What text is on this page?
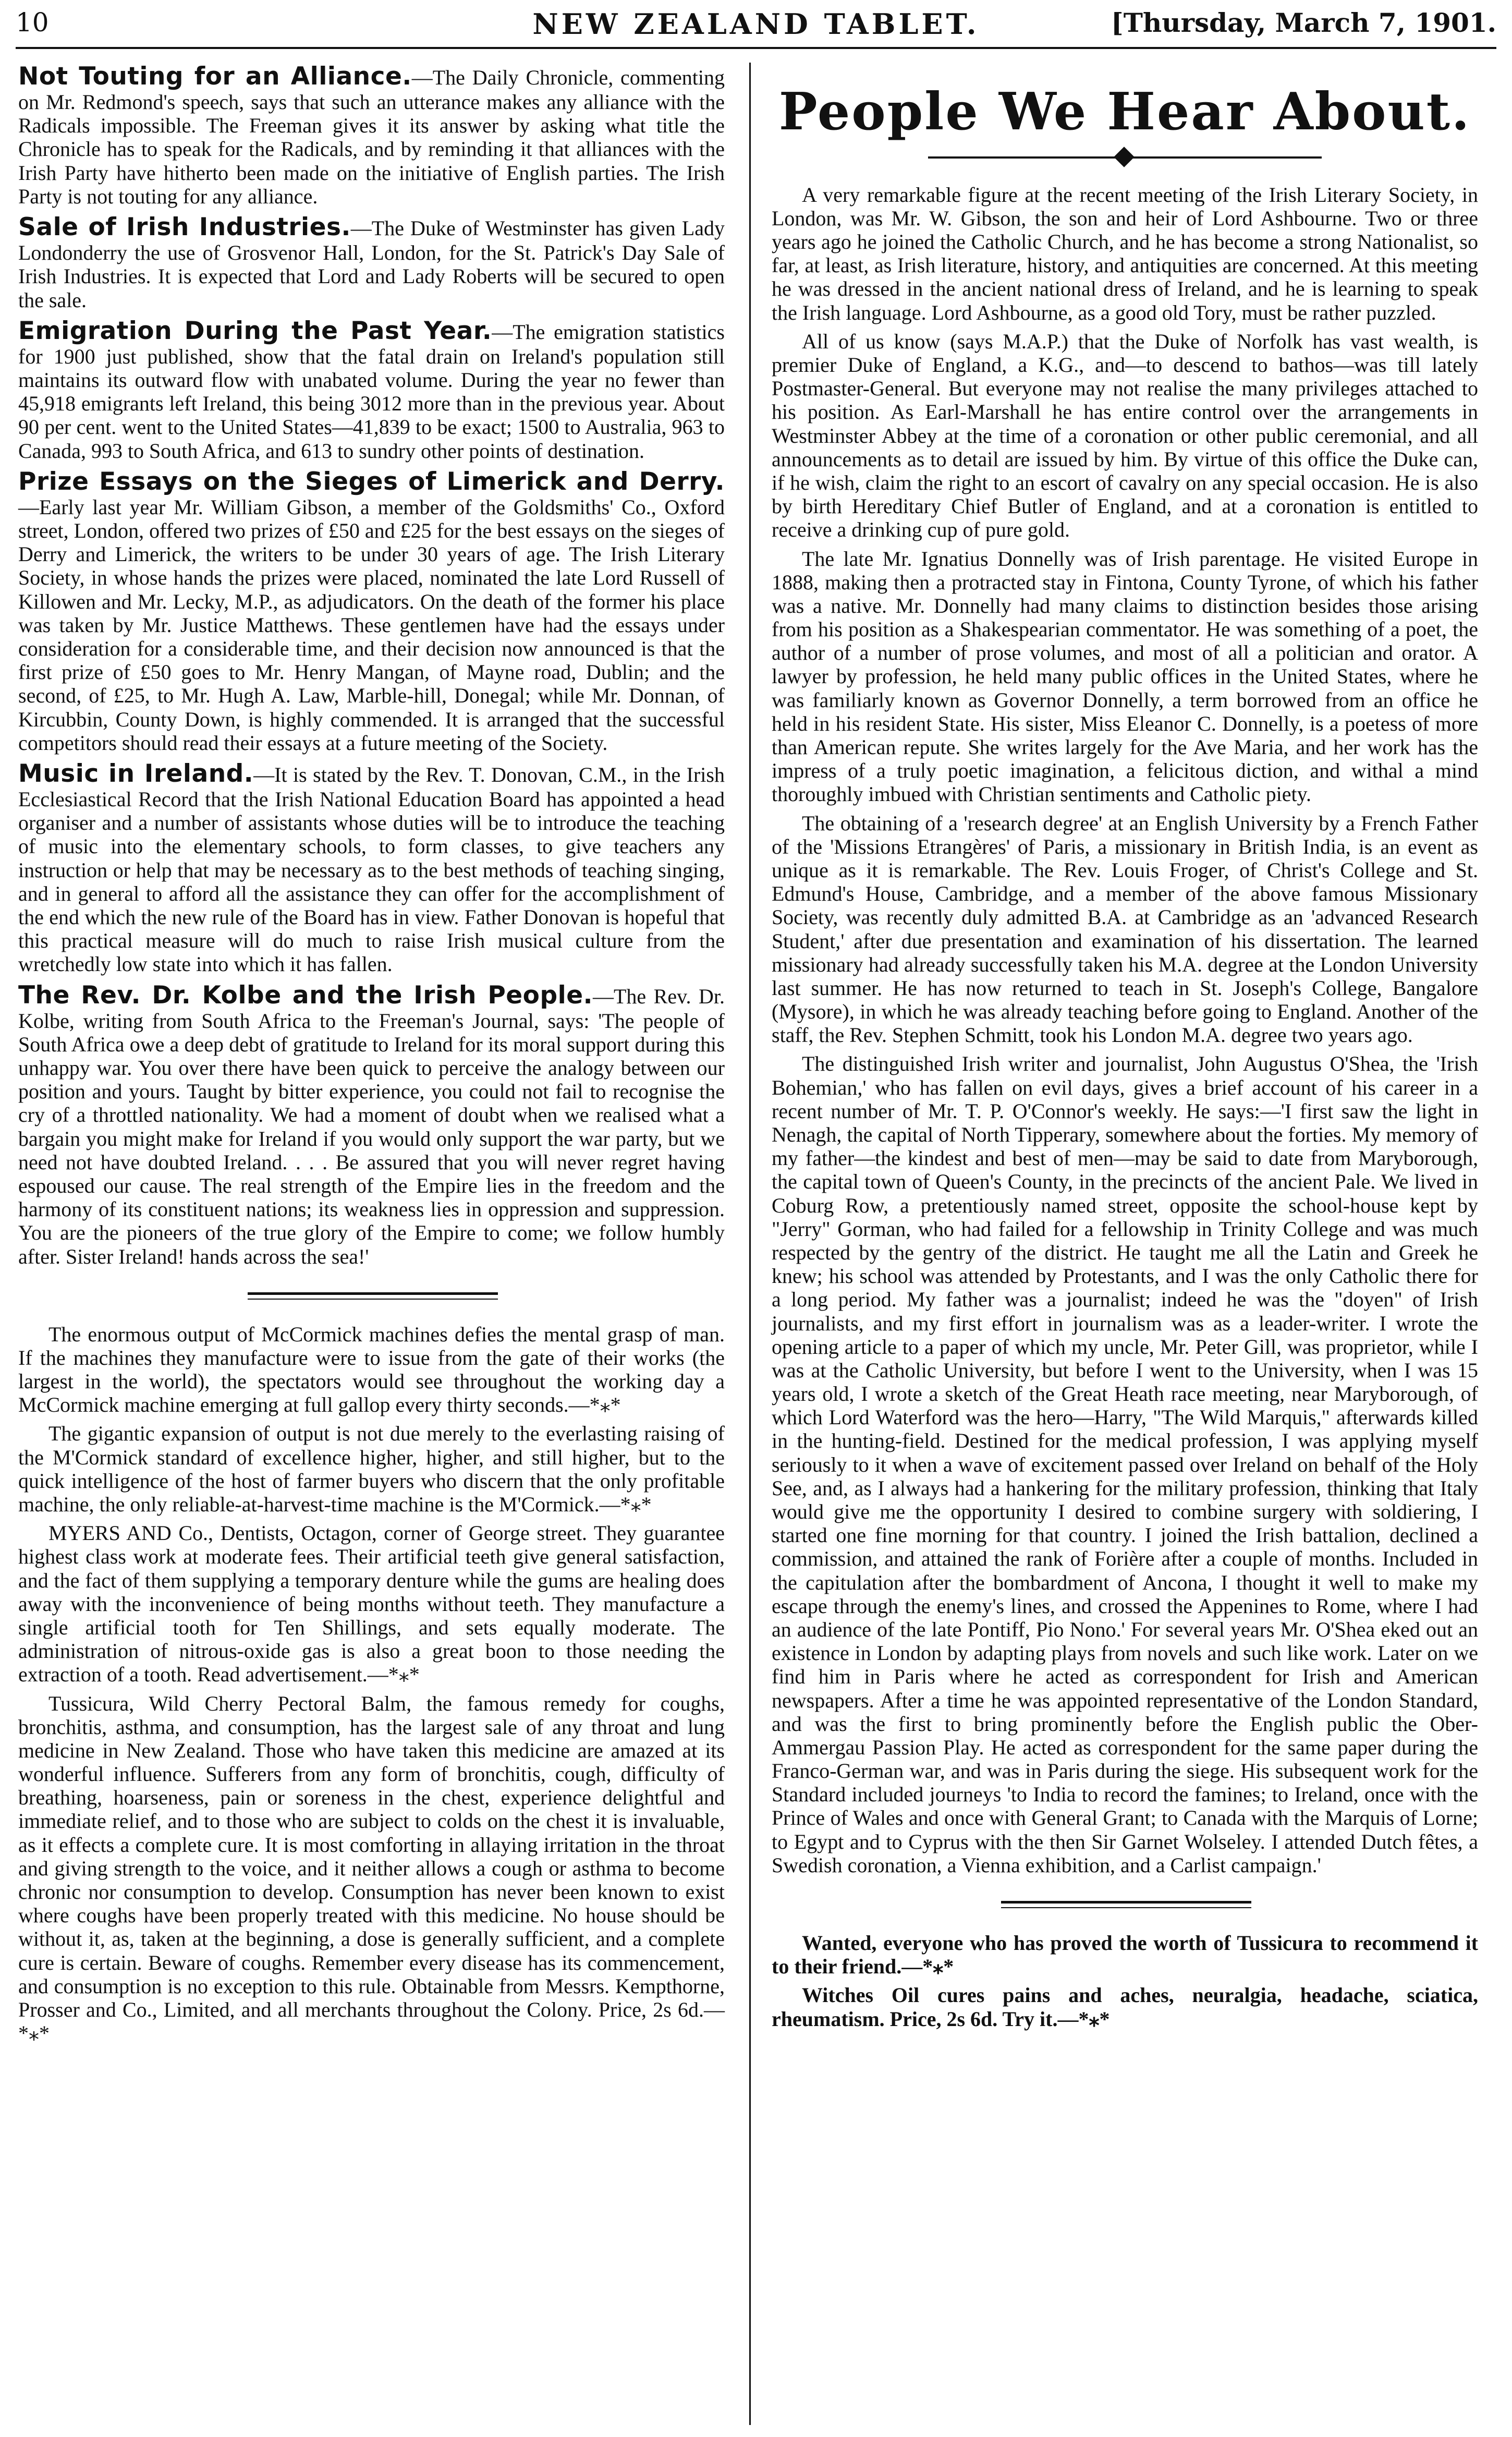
10	NEW ZEALAND TABLET.	[Thursday, March 7, 1901.
Not Touting for an Alliance.—The Daily Chronicle, commenting on Mr. Redmond's speech, says that such an utterance makes any alliance with the Radicals impossible. The Freeman gives it its answer by asking what title the Chronicle has to speak for the Radicals, and by reminding it that alliances with the Irish Party have hitherto been made on the initiative of English parties. The Irish Party is not touting for any alliance.
Sale of Irish Industries.—The Duke of Westminster has given Lady Londonderry the use of Grosvenor Hall, London, for the St. Patrick's Day Sale of Irish Industries. It is expected that Lord and Lady Roberts will be secured to open the sale.
Emigration During the Past Year.—The emigration statistics for 1900 just published, show that the fatal drain on Ireland's population still maintains its outward flow with unabated volume. During the year no fewer than 45,918 emigrants left Ireland, this being 3012 more than in the previous year. About 90 per cent. went to the United States—41,839 to be exact; 1500 to Australia, 963 to Canada, 993 to South Africa, and 613 to sundry other points of destination.
Prize Essays on the Sieges of Limerick and Derry.—Early last year Mr. William Gibson, a member of the Goldsmiths' Co., Oxford street, London, offered two prizes of £50 and £25 for the best essays on the sieges of Derry and Limerick, the writers to be under 30 years of age. The Irish Literary Society, in whose hands the prizes were placed, nominated the late Lord Russell of Killowen and Mr. Lecky, M.P., as adjudicators. On the death of the former his place was taken by Mr. Justice Matthews. These gentlemen have had the essays under consideration for a considerable time, and their decision now announced is that the first prize of £50 goes to Mr. Henry Mangan, of Mayne road, Dublin; and the second, of £25, to Mr. Hugh A. Law, Marble-hill, Donegal; while Mr. Donnan, of Kircubbin, County Down, is highly commended. It is arranged that the successful competitors should read their essays at a future meeting of the Society.
Music in Ireland.—It is stated by the Rev. T. Donovan, C.M., in the Irish Ecclesiastical Record that the Irish National Education Board has appointed a head organiser and a number of assistants whose duties will be to introduce the teaching of music into the elementary schools, to form classes, to give teachers any instruction or help that may be necessary as to the best methods of teaching singing, and in general to afford all the assistance they can offer for the accomplishment of the end which the new rule of the Board has in view. Father Donovan is hopeful that this practical measure will do much to raise Irish musical culture from the wretchedly low state into which it has fallen.
The Rev. Dr. Kolbe and the Irish People.—The Rev. Dr. Kolbe, writing from South Africa to the Freeman's Journal, says: 'The people of South Africa owe a deep debt of gratitude to Ireland for its moral support during this unhappy war. You over there have been quick to perceive the analogy between our position and yours. Taught by bitter experience, you could not fail to recognise the cry of a throttled nationality. We had a moment of doubt when we realised what a bargain you might make for Ireland if you would only support the war party, but we need not have doubted Ireland. . . . Be assured that you will never regret having espoused our cause. The real strength of the Empire lies in the freedom and the harmony of its constituent nations; its weakness lies in oppression and suppression. You are the pioneers of the true glory of the Empire to come; we follow humbly after. Sister Ireland! hands across the sea!'

The enormous output of McCormick machines defies the mental grasp of man. If the machines they manufacture were to issue from the gate of their works (the largest in the world), the spectators would see throughout the working day a McCormick machine emerging at full gallop every thirty seconds.—*⁎*

The gigantic expansion of output is not due merely to the everlasting raising of the M'Cormick standard of excellence higher, higher, and still higher, but to the quick intelligence of the host of farmer buyers who discern that the only profitable machine, the only reliable-at-harvest-time machine is the M'Cormick.—*⁎*

MYERS AND Co., Dentists, Octagon, corner of George street. They guarantee highest class work at moderate fees. Their artificial teeth give general satisfaction, and the fact of them supplying a temporary denture while the gums are healing does away with the inconvenience of being months without teeth. They manufacture a single artificial tooth for Ten Shillings, and sets equally moderate. The administration of nitrous-oxide gas is also a great boon to those needing the extraction of a tooth. Read advertisement.—*⁎*

Tussicura, Wild Cherry Pectoral Balm, the famous remedy for coughs, bronchitis, asthma, and consumption, has the largest sale of any throat and lung medicine in New Zealand. Those who have taken this medicine are amazed at its wonderful influence. Sufferers from any form of bronchitis, cough, difficulty of breathing, hoarseness, pain or soreness in the chest, experience delightful and immediate relief, and to those who are subject to colds on the chest it is invaluable, as it effects a complete cure. It is most comforting in allaying irritation in the throat and giving strength to the voice, and it neither allows a cough or asthma to become chronic nor consumption to develop. Consumption has never been known to exist where coughs have been properly treated with this medicine. No house should be without it, as, taken at the beginning, a dose is generally sufficient, and a complete cure is certain. Beware of coughs. Remember every disease has its commencement, and consumption is no exception to this rule. Obtainable from Messrs. Kempthorne, Prosser and Co., Limited, and all merchants throughout the Colony. Price, 2s 6d.—*⁎*

People We Hear About.

A very remarkable figure at the recent meeting of the Irish Literary Society, in London, was Mr. W. Gibson, the son and heir of Lord Ashbourne. Two or three years ago he joined the Catholic Church, and he has become a strong Nationalist, so far, at least, as Irish literature, history, and antiquities are concerned. At this meeting he was dressed in the ancient national dress of Ireland, and he is learning to speak the Irish language. Lord Ashbourne, as a good old Tory, must be rather puzzled.

All of us know (says M.A.P.) that the Duke of Norfolk has vast wealth, is premier Duke of England, a K.G., and—to descend to bathos—was till lately Postmaster-General. But everyone may not realise the many privileges attached to his position. As Earl-Marshall he has entire control over the arrangements in Westminster Abbey at the time of a coronation or other public ceremonial, and all announcements as to detail are issued by him. By virtue of this office the Duke can, if he wish, claim the right to an escort of cavalry on any special occasion. He is also by birth Hereditary Chief Butler of England, and at a coronation is entitled to receive a drinking cup of pure gold.

The late Mr. Ignatius Donnelly was of Irish parentage. He visited Europe in 1888, making then a protracted stay in Fintona, County Tyrone, of which his father was a native. Mr. Donnelly had many claims to distinction besides those arising from his position as a Shakespearian commentator. He was something of a poet, the author of a number of prose volumes, and most of all a politician and orator. A lawyer by profession, he held many public offices in the United States, where he was familiarly known as Governor Donnelly, a term borrowed from an office he held in his resident State. His sister, Miss Eleanor C. Donnelly, is a poetess of more than American repute. She writes largely for the Ave Maria, and her work has the impress of a truly poetic imagination, a felicitous diction, and withal a mind thoroughly imbued with Christian sentiments and Catholic piety.

The obtaining of a 'research degree' at an English University by a French Father of the 'Missions Etrangères' of Paris, a missionary in British India, is an event as unique as it is remarkable. The Rev. Louis Froger, of Christ's College and St. Edmund's House, Cambridge, and a member of the above famous Missionary Society, was recently duly admitted B.A. at Cambridge as an 'advanced Research Student,' after due presentation and examination of his dissertation. The learned missionary had already successfully taken his M.A. degree at the London University last summer. He has now returned to teach in St. Joseph's College, Bangalore (Mysore), in which he was already teaching before going to England. Another of the staff, the Rev. Stephen Schmitt, took his London M.A. degree two years ago.

The distinguished Irish writer and journalist, John Augustus O'Shea, the 'Irish Bohemian,' who has fallen on evil days, gives a brief account of his career in a recent number of Mr. T. P. O'Connor's weekly. He says:—'I first saw the light in Nenagh, the capital of North Tipperary, somewhere about the forties. My memory of my father—the kindest and best of men—may be said to date from Maryborough, the capital town of Queen's County, in the precincts of the ancient Pale. We lived in Coburg Row, a pretentiously named street, opposite the school-house kept by "Jerry" Gorman, who had failed for a fellowship in Trinity College and was much respected by the gentry of the district. He taught me all the Latin and Greek he knew; his school was attended by Protestants, and I was the only Catholic there for a long period. My father was a journalist; indeed he was the "doyen" of Irish journalists, and my first effort in journalism was as a leader-writer. I wrote the opening article to a paper of which my uncle, Mr. Peter Gill, was proprietor, while I was at the Catholic University, but before I went to the University, when I was 15 years old, I wrote a sketch of the Great Heath race meeting, near Maryborough, of which Lord Waterford was the hero—Harry, "The Wild Marquis," afterwards killed in the hunting-field. Destined for the medical profession, I was applying myself seriously to it when a wave of excitement passed over Ireland on behalf of the Holy See, and, as I always had a hankering for the military profession, thinking that Italy would give me the opportunity I desired to combine surgery with soldiering, I started one fine morning for that country. I joined the Irish battalion, declined a commission, and attained the rank of Forière after a couple of months. Included in the capitulation after the bombardment of Ancona, I thought it well to make my escape through the enemy's lines, and crossed the Appenines to Rome, where I had an audience of the late Pontiff, Pio Nono.' For several years Mr. O'Shea eked out an existence in London by adapting plays from novels and such like work. Later on we find him in Paris where he acted as correspondent for Irish and American newspapers. After a time he was appointed representative of the London Standard, and was the first to bring prominently before the English public the Ober-Ammergau Passion Play. He acted as correspondent for the same paper during the Franco-German war, and was in Paris during the siege. His subsequent work for the Standard included journeys 'to India to record the famines; to Ireland, once with the Prince of Wales and once with General Grant; to Canada with the Marquis of Lorne; to Egypt and to Cyprus with the then Sir Garnet Wolseley. I attended Dutch fêtes, a Swedish coronation, a Vienna exhibition, and a Carlist campaign.'

Wanted, everyone who has proved the worth of Tussicura to recommend it to their friend.—*⁎*

Witches Oil cures pains and aches, neuralgia, headache, sciatica, rheumatism. Price, 2s 6d. Try it.—*⁎*
